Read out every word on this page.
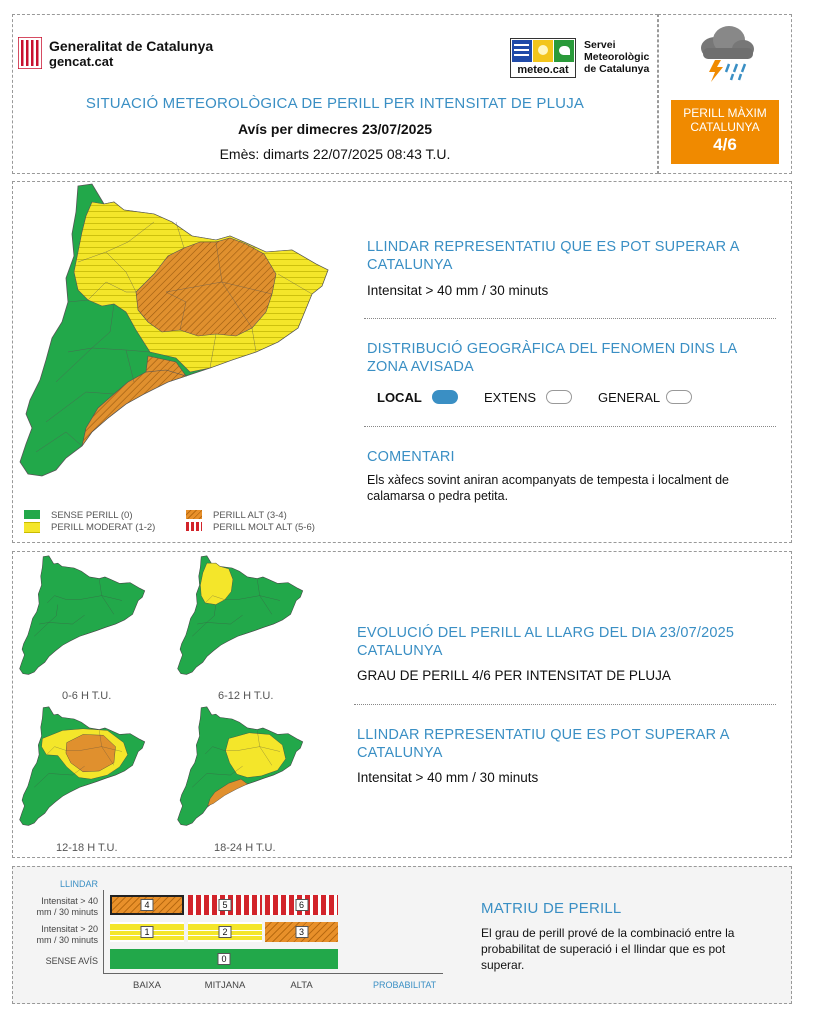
Generalitat de Catalunya
gencat.cat
meteo.cat
Servei
Meteorològic
de Catalunya
SITUACIÓ METEOROLÒGICA DE PERILL PER INTENSITAT DE PLUJA
Avís per dimecres 23/07/2025
Emès: dimarts 22/07/2025 08:43 T.U.
PERILL MÀXIM
CATALUNYA
4/6
SENSE PERILL (0)
PERILL MODERAT (1-2)
PERILL ALT (3-4)
PERILL MOLT ALT (5-6)
LLINDAR REPRESENTATIU QUE ES POT SUPERAR A CATALUNYA
Intensitat > 40 mm / 30 minuts
DISTRIBUCIÓ GEOGRÀFICA DEL FENOMEN DINS LA ZONA AVISADA
LOCAL	EXTENS	GENERAL
COMENTARI
Els xàfecs sovint aniran acompanyats de tempesta i localment de calamarsa o pedra petita.
0-6 H T.U.	6-12 H T.U.
12-18 H T.U.	18-24 H T.U.
EVOLUCIÓ DEL PERILL AL LLARG DEL DIA 23/07/2025 CATALUNYA
GRAU DE PERILL 4/6 PER INTENSITAT DE PLUJA
LLINDAR REPRESENTATIU QUE ES POT SUPERAR A CATALUNYA
Intensitat > 40 mm / 30 minuts
LLINDAR
Intensitat > 40
mm / 30 minuts
Intensitat > 20
mm / 30 minuts
SENSE AVÍS
4	5	6
1	2	3
0
BAIXA	MITJANA	ALTA	PROBABILITAT
MATRIU DE PERILL
El grau de perill prové de la combinació entre la probabilitat de superació i el llindar que es pot superar.
